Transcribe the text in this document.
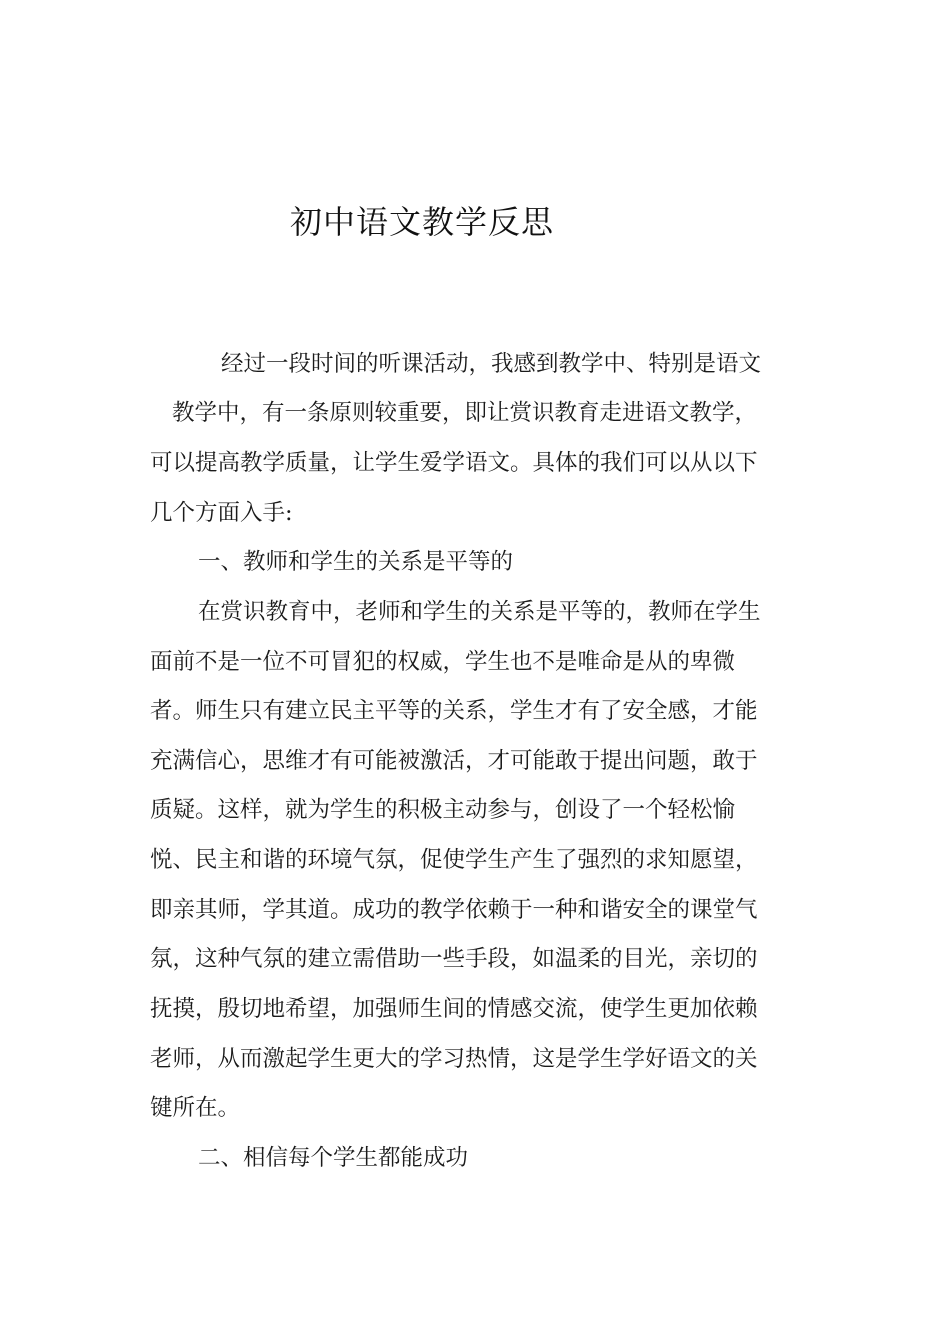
初中语文教学反思
经过一段时间的听课活动，我感到教学中、特别是语文
教学中，有一条原则较重要，即让赏识教育走进语文教学，
可以提高教学质量，让学生爱学语文。具体的我们可以从以下
几个方面入手:
一、教师和学生的关系是平等的
在赏识教育中，老师和学生的关系是平等的，教师在学生
面前不是一位不可冒犯的权威，学生也不是唯命是从的卑微
者。师生只有建立民主平等的关系，学生才有了安全感，才能
充满信心，思维才有可能被激活，才可能敢于提出问题，敢于
质疑。这样，就为学生的积极主动参与，创设了一个轻松愉
悦、民主和谐的环境气氛，促使学生产生了强烈的求知愿望，
即亲其师，学其道。成功的教学依赖于一种和谐安全的课堂气
氛，这种气氛的建立需借助一些手段，如温柔的目光，亲切的
抚摸，殷切地希望，加强师生间的情感交流，使学生更加依赖
老师，从而激起学生更大的学习热情，这是学生学好语文的关
键所在。
二、相信每个学生都能成功
